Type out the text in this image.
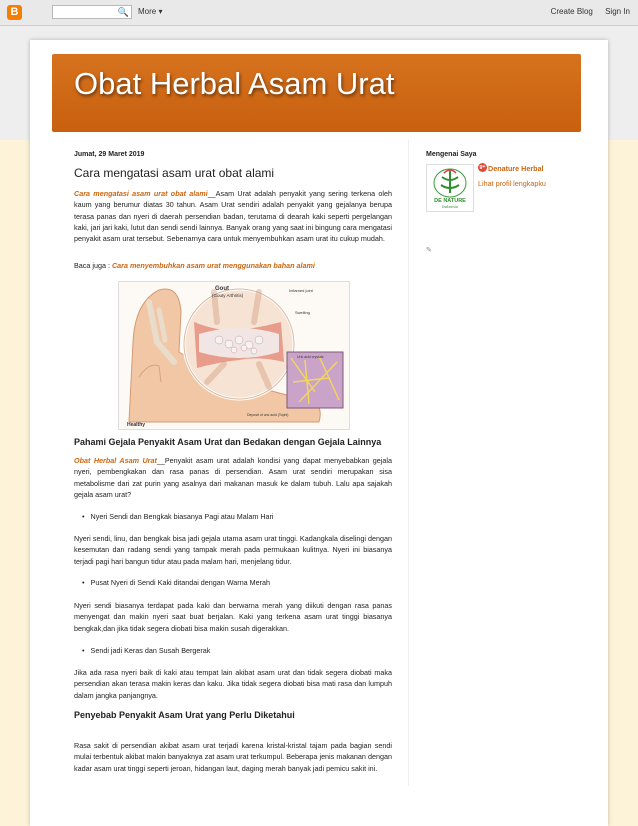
B	🔍 More ▾	Create Blog Sign In
Obat Herbal Asam Urat
Jumat, 29 Maret 2019
Cara mengatasi asam urat obat alami

Cara mengatasi asam urat obat alami__Asam Urat adalah penyakit yang sering terkena oleh kaum yang berumur diatas 30 tahun. Asam Urat sendiri adalah penyakit yang gejalanya berupa terasa panas dan nyeri di daerah persendian badan, terutama di dearah kaki seperti pergelangan kaki, jari jari kaki, lutut dan sendi sendi lainnya. Banyak orang yang saat ini bingung cara mengatasi penyakit asam urat tersebut. Sebenarnya cara untuk menyembuhkan asam urat itu cukup mudah.

Baca juga : Cara menyembuhkan asam urat menggunakan bahan alami

Gout
(Gouty Arthritis)
Inflamed joint
Swelling
Uric acid crystals
Deposit of uric acid (Tophi)
Healthy
Pahami Gejala Penyakit Asam Urat dan Bedakan dengan Gejala Lainnya

Obat Herbal Asam Urat__Penyakit asam urat adalah kondisi yang dapat menyebabkan gejala nyeri, pembengkakan dan rasa panas di persendian. Asam urat sendiri merupakan sisa metabolisme dari zat purin yang asalnya dari makanan masuk ke dalam tubuh. Lalu apa sajakah gejala asam urat?

• Nyeri Sendi dan Bengkak biasanya Pagi atau Malam Hari

Nyeri sendi, linu, dan bengkak bisa jadi gejala utama asam urat tinggi. Kadangkala diselingi dengan kesemutan dan radang sendi yang tampak merah pada permukaan kulitnya. Nyeri ini biasanya terjadi pagi hari bangun tidur atau pada malam hari, menjelang tidur.

• Pusat Nyeri di Sendi Kaki ditandai dengan Warna Merah

Nyeri sendi biasanya terdapat pada kaki dan berwarna merah yang diikuti dengan rasa panas menyengat dan makin nyeri saat buat berjalan. Kaki yang terkena asam urat tinggi biasanya bengkak,dan jika tidak segera diobati bisa makin susah digerakkan.

• Sendi jadi Keras dan Susah Bergerak

Jika ada rasa nyeri baik di kaki atau tempat lain akibat asam urat dan tidak segera diobati maka persendian akan terasa makin keras dan kaku. Jika tidak segera diobati bisa mati rasa dan lumpuh dalam jangka panjangnya.

Penyebab Penyakit Asam Urat yang Perlu Diketahui

Rasa sakit di persendian akibat asam urat terjadi karena kristal-kristal tajam pada bagian sendi mulai terbentuk akibat makin banyaknya zat asam urat terkumpul. Beberapa jenis makanan dengan kadar asam urat tinggi seperti jeroan, hidangan laut, daging merah banyak jadi pemicu sakit ini.

Mengenai Saya
DE NATURE
Indonesia
g+ Denature Herbal
Lihat profil lengkapku
✎
